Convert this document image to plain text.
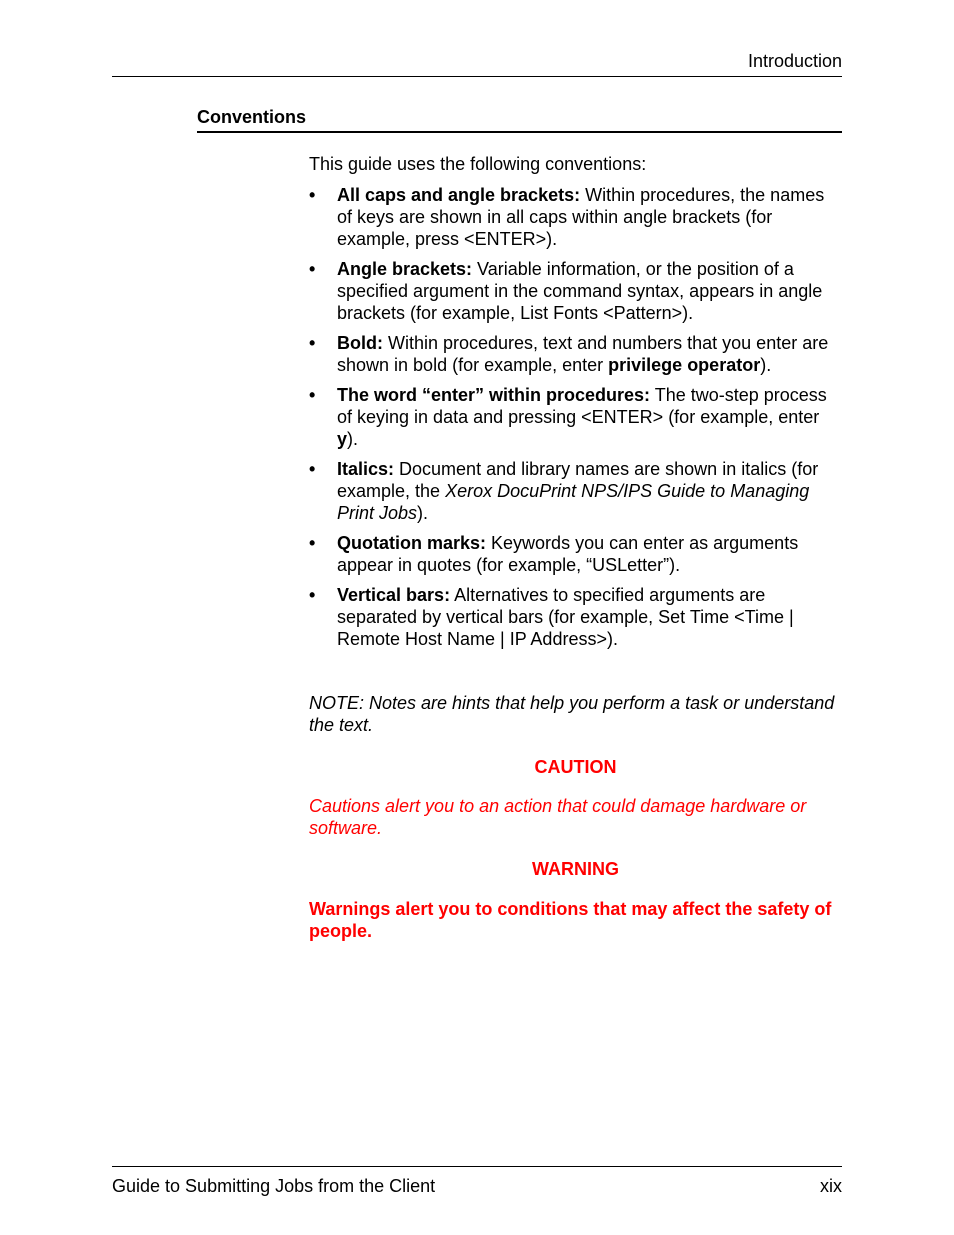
Introduction
Conventions

This guide uses the following conventions:

• All caps and angle brackets: Within procedures, the names of keys are shown in all caps within angle brackets (for example, press <ENTER>).
• Angle brackets: Variable information, or the position of a specified argument in the command syntax, appears in angle brackets (for example, List Fonts <Pattern>).
• Bold: Within procedures, text and numbers that you enter are shown in bold (for example, enter privilege operator).
• The word “enter” within procedures: The two-step process of keying in data and pressing <ENTER> (for example, enter y).
• Italics: Document and library names are shown in italics (for example, the Xerox DocuPrint NPS/IPS Guide to Managing Print Jobs).
• Quotation marks: Keywords you can enter as arguments appear in quotes (for example, “USLetter”).
• Vertical bars: Alternatives to specified arguments are separated by vertical bars (for example, Set Time <Time | Remote Host Name | IP Address>).
NOTE: Notes are hints that help you perform a task or understand the text.
CAUTION
Cautions alert you to an action that could damage hardware or software.
WARNING
Warnings alert you to conditions that may affect the safety of people.
Guide to Submitting Jobs from the Client	xix
